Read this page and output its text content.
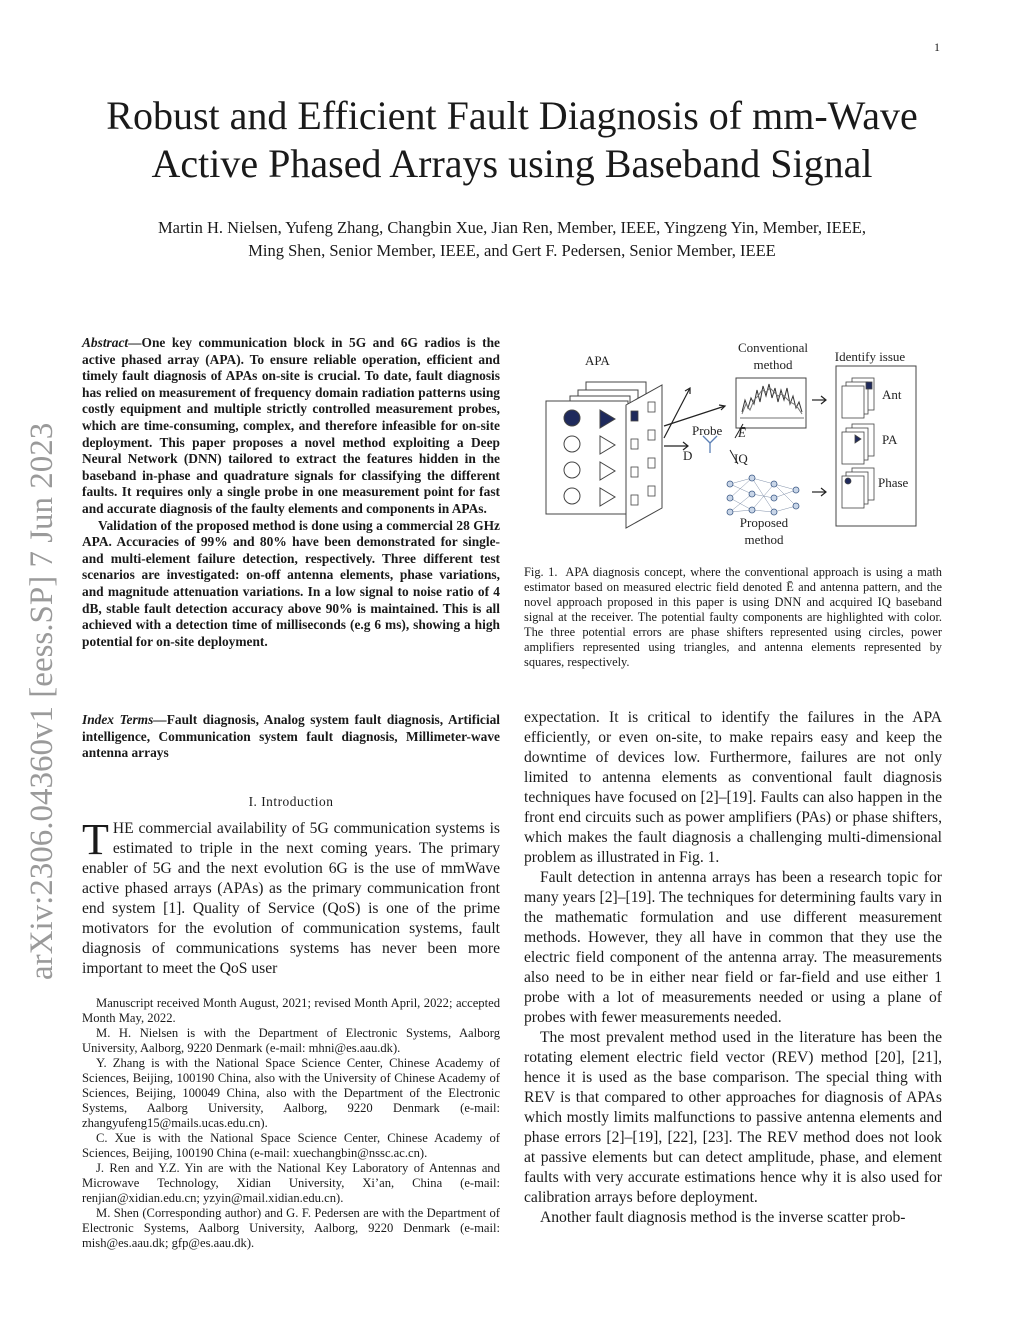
1
Robust and Efficient Fault Diagnosis of mm-Wave
Active Phased Arrays using Baseband Signal
Martin H. Nielsen, Yufeng Zhang, Changbin Xue, Jian Ren, Member, IEEE, Yingzeng Yin, Member, IEEE,
Ming Shen, Senior Member, IEEE, and Gert F. Pedersen, Senior Member, IEEE
arXiv:2306.04360v1 [eess.SP] 7 Jun 2023

Abstract—One key communication block in 5G and 6G radios is the active phased array (APA). To ensure reliable operation, efficient and timely fault diagnosis of APAs on-site is crucial. To date, fault diagnosis has relied on measurement of frequency domain radiation patterns using costly equipment and multiple strictly controlled measurement probes, which are time-consuming, complex, and therefore infeasible for on-site deployment. This paper proposes a novel method exploiting a Deep Neural Network (DNN) tailored to extract the features hidden in the baseband in-phase and quadrature signals for classifying the different faults. It requires only a single probe in one measurement point for fast and accurate diagnosis of the faulty elements and components in APAs.

Validation of the proposed method is done using a commercial 28 GHz APA. Accuracies of 99% and 80% have been demonstrated for single- and multi-element failure detection, respectively. Three different test scenarios are investigated: on-off antenna elements, phase variations, and magnitude attenuation variations. In a low signal to noise ratio of 4 dB, stable fault detection accuracy above 90% is maintained. This is all achieved with a detection time of milliseconds (e.g 6 ms), showing a high potential for on-site deployment.

Index Terms—Fault diagnosis, Analog system fault diagnosis, Artificial intelligence, Communication system fault diagnosis, Millimeter-wave antenna arrays
I. Introduction
THE commercial availability of 5G communication systems is estimated to triple in the next coming years. The primary enabler of 5G and the next evolution 6G is the use of mmWave active phased arrays (APAs) as the primary communication front end system [1]. Quality of Service (QoS) is one of the prime motivators for the evolution of communication systems, fault diagnosis of communications systems has never been more important to meet the QoS user

Manuscript received Month August, 2021; revised Month April, 2022; accepted Month May, 2022.

M. H. Nielsen is with the Department of Electronic Systems, Aalborg University, Aalborg, 9220 Denmark (e-mail: mhni@es.aau.dk).

Y. Zhang is with the National Space Science Center, Chinese Academy of Sciences, Beijing, 100190 China, also with the University of Chinese Academy of Sciences, Beijing, 100049 China, also with the Department of the Electronic Systems, Aalborg University, Aalborg, 9220 Denmark (e-mail: zhangyufeng15@mails.ucas.edu.cn).

C. Xue is with the National Space Science Center, Chinese Academy of Sciences, Beijing, 100190 China (e-mail: xuechangbin@nssc.ac.cn).

J. Ren and Y.Z. Yin are with the National Key Laboratory of Antennas and Microwave Technology, Xidian University, Xi’an, China (e-mail: renjian@xidian.edu.cn; yzyin@mail.xidian.edu.cn).

M. Shen (Corresponding author) and G. F. Pedersen are with the Department of Electronic Systems, Aalborg University, Aalborg, 9220 Denmark (e-mail: mish@es.aau.dk; gfp@es.aau.dk).

APA
Conventional
method
Identify issue
Probe Ē
D	IQ
Proposed
method
Ant
PA
Phase
Fig. 1. APA diagnosis concept, where the conventional approach is using a math estimator based on measured electric field denoted Ē and antenna pattern, and the novel approach proposed in this paper is using DNN and acquired IQ baseband signal at the receiver. The potential faulty components are highlighted with color. The three potential errors are phase shifters represented using circles, power amplifiers represented using triangles, and antenna elements represented by squares, respectively.

expectation. It is critical to identify the failures in the APA efficiently, or even on-site, to make repairs easy and keep the downtime of devices low. Furthermore, failures are not only limited to antenna elements as conventional fault diagnosis techniques have focused on [2]–[19]. Faults can also happen in the front end circuits such as power amplifiers (PAs) or phase shifters, which makes the fault diagnosis a challenging multi-dimensional problem as illustrated in Fig. 1.

Fault detection in antenna arrays has been a research topic for many years [2]–[19]. The techniques for determining faults vary in the mathematic formulation and use different measurement methods. However, they all have in common that they use the electric field component of the antenna array. The measurements also need to be in either near field or far-field and use either 1 probe with a lot of measurements needed or using a plane of probes with fewer measurements needed.

The most prevalent method used in the literature has been the rotating element electric field vector (REV) method [20], [21], hence it is used as the base comparison. The special thing with REV is that compared to other approaches for diagnosis of APAs which mostly limits malfunctions to passive antenna elements and phase errors [2]–[19], [22], [23]. The REV method does not look at passive elements but can detect amplitude, phase, and element faults with very accurate estimations hence why it is also used for calibration arrays before deployment.

Another fault diagnosis method is the inverse scatter prob-
